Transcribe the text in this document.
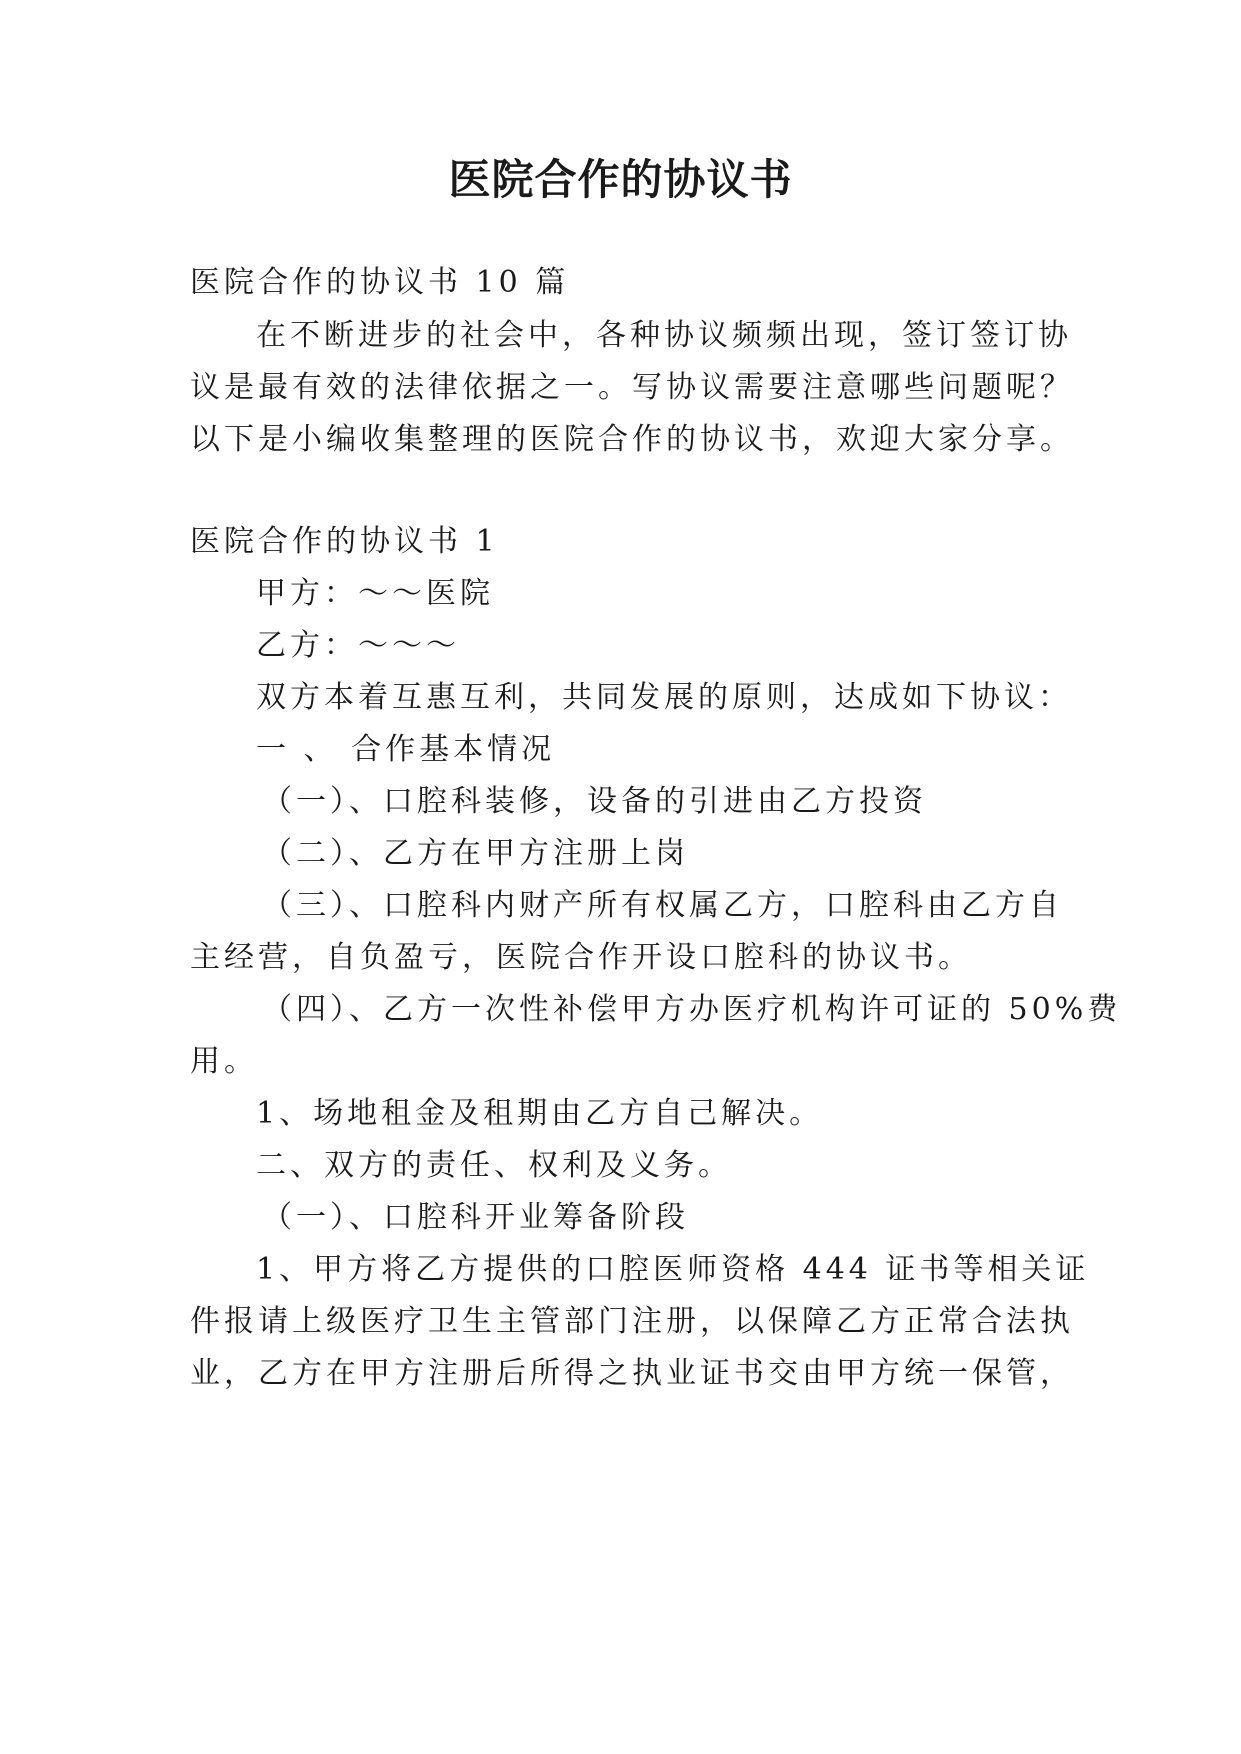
医院合作的协议书
医院合作的协议书 10 篇
在不断进步的社会中，各种协议频频出现，签订签订协
议是最有效的法律依据之一。写协议需要注意哪些问题呢？
以下是小编收集整理的医院合作的协议书，欢迎大家分享。
医院合作的协议书 1
甲方：～～医院
乙方：～～～
双方本着互惠互利，共同发展的原则，达成如下协议：
一 、 合作基本情况
（一）、口腔科装修，设备的引进由乙方投资
（二）、乙方在甲方注册上岗
（三）、口腔科内财产所有权属乙方，口腔科由乙方自
主经营，自负盈亏，医院合作开设口腔科的协议书。
（四）、乙方一次性补偿甲方办医疗机构许可证的 50%费
用。
1、场地租金及租期由乙方自己解决。
二、双方的责任、权利及义务。
（一）、口腔科开业筹备阶段
1、甲方将乙方提供的口腔医师资格 444 证书等相关证
件报请上级医疗卫生主管部门注册，以保障乙方正常合法执
业，乙方在甲方注册后所得之执业证书交由甲方统一保管，
